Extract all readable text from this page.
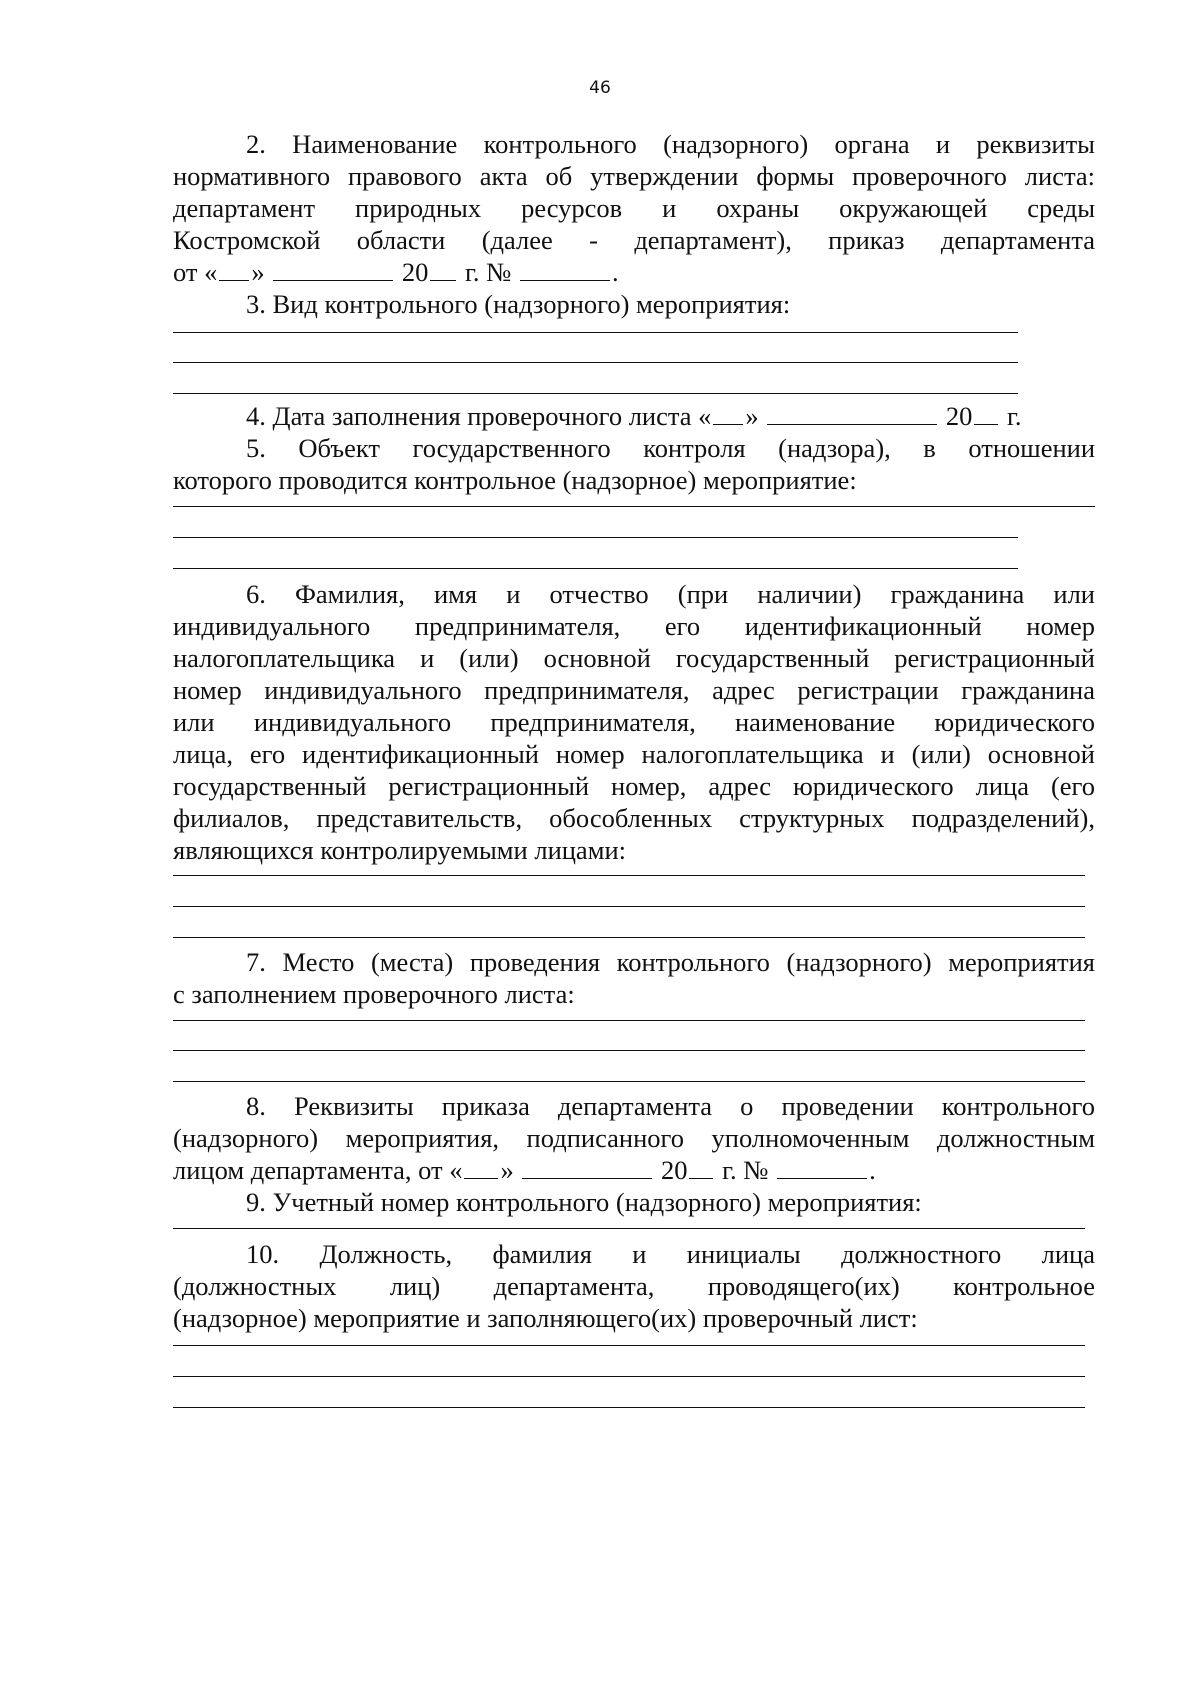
46
2. Наименование контрольного (надзорного) органа и реквизиты
нормативного правового акта об утверждении формы проверочного листа:
департамент природных ресурсов и охраны окружающей среды
Костромской области (далее - департамент), приказ департамента
от « »	20 г. №	.
3. Вид контрольного (надзорного) мероприятия:
4. Дата заполнения проверочного листа « »	20 г.
5. Объект государственного контроля (надзора), в отношении
которого проводится контрольное (надзорное) мероприятие:
6. Фамилия, имя и отчество (при наличии) гражданина или
индивидуального предпринимателя, его идентификационный номер
налогоплательщика и (или) основной государственный регистрационный
номер индивидуального предпринимателя, адрес регистрации гражданина
или индивидуального предпринимателя, наименование юридического
лица, его идентификационный номер налогоплательщика и (или) основной
государственный регистрационный номер, адрес юридического лица (его
филиалов, представительств, обособленных структурных подразделений),
являющихся контролируемыми лицами:
7. Место (места) проведения контрольного (надзорного) мероприятия
с заполнением проверочного листа:
8. Реквизиты приказа департамента о проведении контрольного
(надзорного) мероприятия, подписанного уполномоченным должностным
лицом департамента, от « »	20 г. №	.
9. Учетный номер контрольного (надзорного) мероприятия:
10. Должность, фамилия и инициалы должностного лица
(должностных лиц) департамента, проводящего(их) контрольное
(надзорное) мероприятие и заполняющего(их) проверочный лист:
